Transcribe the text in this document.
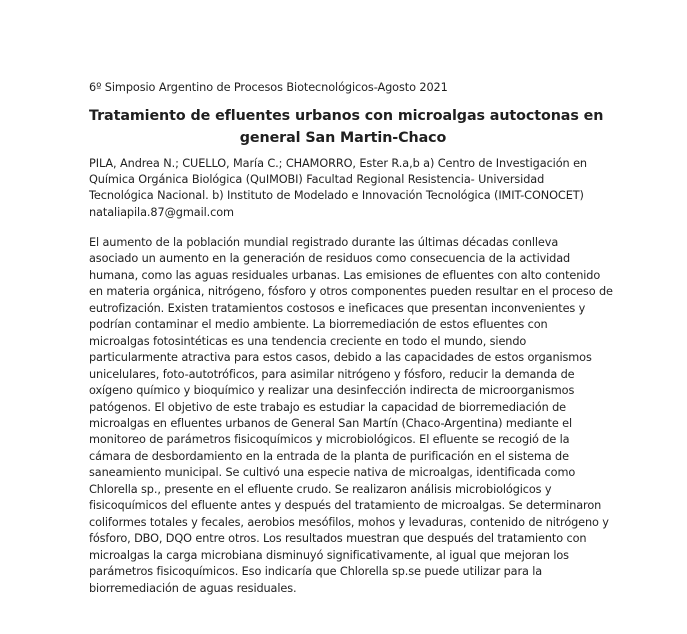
6º Simposio Argentino de Procesos Biotecnológicos-Agosto 2021
Tratamiento de efluentes urbanos con microalgas autoctonas en
general San Martin-Chaco
PILA, Andrea N.; CUELLO, María C.; CHAMORRO, Ester R.a,b a) Centro de Investigación en
Química Orgánica Biológica (QuIMOBI) Facultad Regional Resistencia- Universidad
Tecnológica Nacional. b) Instituto de Modelado e Innovación Tecnológica (IMIT-CONOCET)
nataliapila.87@gmail.com
El aumento de la población mundial registrado durante las últimas décadas conlleva
asociado un aumento en la generación de residuos como consecuencia de la actividad
humana, como las aguas residuales urbanas. Las emisiones de efluentes con alto contenido
en materia orgánica, nitrógeno, fósforo y otros componentes pueden resultar en el proceso de
eutrofización. Existen tratamientos costosos e ineficaces que presentan inconvenientes y
podrían contaminar el medio ambiente. La biorremediación de estos efluentes con
microalgas fotosintéticas es una tendencia creciente en todo el mundo, siendo
particularmente atractiva para estos casos, debido a las capacidades de estos organismos
unicelulares, foto-autotróficos, para asimilar nitrógeno y fósforo, reducir la demanda de
oxígeno químico y bioquímico y realizar una desinfección indirecta de microorganismos
patógenos. El objetivo de este trabajo es estudiar la capacidad de biorremediación de
microalgas en efluentes urbanos de General San Martín (Chaco-Argentina) mediante el
monitoreo de parámetros fisicoquímicos y microbiológicos. El efluente se recogió de la
cámara de desbordamiento en la entrada de la planta de purificación en el sistema de
saneamiento municipal. Se cultivó una especie nativa de microalgas, identificada como
Chlorella sp., presente en el efluente crudo. Se realizaron análisis microbiológicos y
fisicoquímicos del efluente antes y después del tratamiento de microalgas. Se determinaron
coliformes totales y fecales, aerobios mesófilos, mohos y levaduras, contenido de nitrógeno y
fósforo, DBO, DQO entre otros. Los resultados muestran que después del tratamiento con
microalgas la carga microbiana disminuyó significativamente, al igual que mejoran los
parámetros fisicoquímicos. Eso indicaría que Chlorella sp.se puede utilizar para la
biorremediación de aguas residuales.
